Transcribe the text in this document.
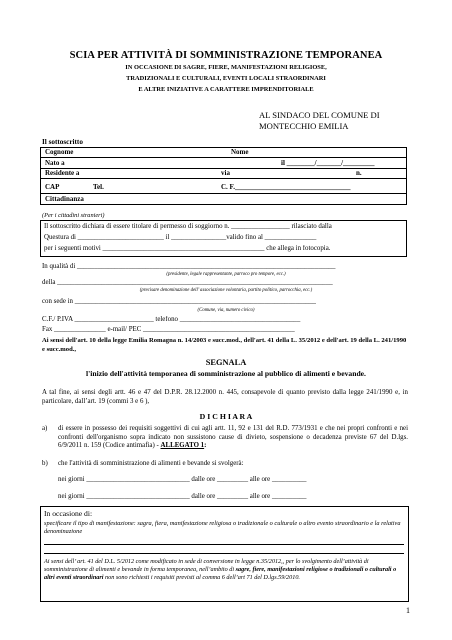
SCIA PER ATTIVITÀ DI SOMMINISTRAZIONE TEMPORANEA
IN OCCASIONE DI SAGRE, FIERE, MANIFESTAZIONI RELIGIOSE,
TRADIZIONALI E CULTURALI, EVENTI LOCALI STRAORDINARI
E ALTRE INIZIATIVE A CARATTERE IMPRENDITORIALE
AL SINDACO DEL COMUNE DI
MONTECCHIO EMILIA
Il sottoscritto
Cognome	Nome
Nato a	il ________/_______/_________
Residente a	via	n.
CAP	Tel.	C. F._________________________________
Cittadinanza
(Per i cittadini stranieri)
Il sottoscritto dichiara di essere titolare di permesso di soggiorno n. _________________ rilasciato dalla
Questura di _________________________ il ________________valido fino al _______________
per i seguenti motivi _______________________________________________ che allega in fotocopia.
In qualità di ___________________________________________________________________________
(presidente, legale rappresentante, parroco pro tempore, ecc.)
della ________________________________________________________________________________
(precisare denominazione dell’ associazione volontaria, partito politico, parrocchia, ecc.)
con sede in ______________________________________________________________________
(Comune, via, numero civico)
C.F./ P.IVA _______________________ telefono ___________________________________
Fax _______________ e-mail/ PEC ____________________________________________
Ai sensi dell'art. 10 della legge Emilia Romagna n. 14/2003 e succ.mod., dell'art. 41 della L. 35/2012 e dell'art. 19 della L. 241/1990 e succ.mod.,
SEGNALA
l'inizio dell'attività temporanea di somministrazione al pubblico di alimenti e bevande.
A tal fine, ai sensi degli artt. 46 e 47 del D.P.R. 28.12.2000 n. 445, consapevole di quanto previsto dalla legge 241/1990 e, in particolare, dall’art. 19 (commi 3 e 6 ),
D I C H I A R A
a) di essere in possesso dei requisiti soggettivi di cui agli artt. 11, 92 e 131 del R.D. 773/1931 e che nei propri confronti e nei confronti dell'organismo sopra indicato non sussistono cause di divieto, sospensione o decadenza previste 67 del D.lgs. 6/9/2011 n. 159 (Codice antimafia) - ALLEGATO 1:
b) che l'attività di somministrazione di alimenti e bevande si svolgerà:
nei giorni ______________________________ dalle ore _________ alle ore __________
nei giorni ______________________________ dalle ore _________ alle ore __________
In occasione di:
specificare il tipo di manifestazione: sagra, fiera, manifestazione religiosa o tradizionale o culturale o altro evento straordinario e la relativa denominazione
Ai sensi dell’ art. 41 del D.L. 5/2012 come modificato in sede di conversione in legge n.35/2012,, per lo svolgimento dell’attività di somministrazione di alimenti e bevande in forma temporanea, nell’ambito di sagre, fiere, manifestazioni religiose o tradizionali o culturali o altri eventi straordinari non sono richiesti i requisiti previsti al comma 6 dell’art 71 del D.lgs.59/2010.
1
